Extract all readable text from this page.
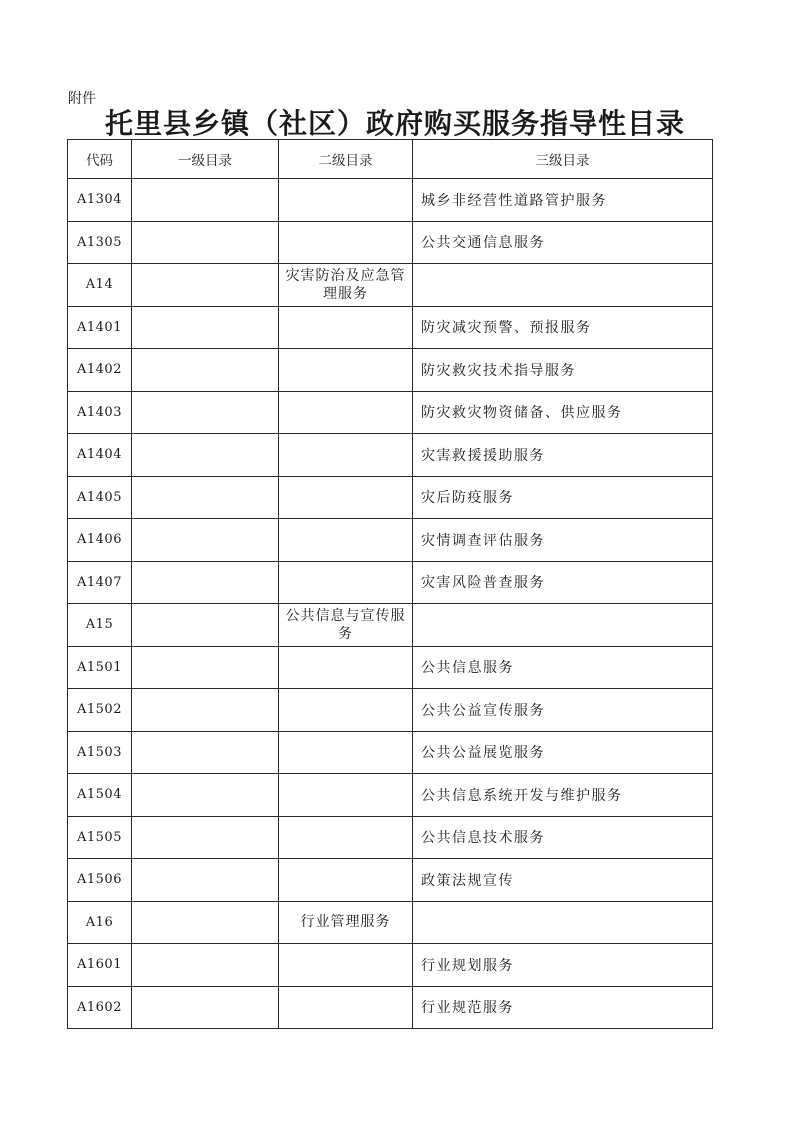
附件
托里县乡镇（社区）政府购买服务指导性目录
代码	一级目录	二级目录	三级目录
A1304			城乡非经营性道路管护服务
A1305			公共交通信息服务
A14		灾害防治及应急管理服务	
A1401			防灾减灾预警、预报服务
A1402			防灾救灾技术指导服务
A1403			防灾救灾物资储备、供应服务
A1404			灾害救援援助服务
A1405			灾后防疫服务
A1406			灾情调查评估服务
A1407			灾害风险普查服务
A15		公共信息与宣传服务	
A1501			公共信息服务
A1502			公共公益宣传服务
A1503			公共公益展览服务
A1504			公共信息系统开发与维护服务
A1505			公共信息技术服务
A1506			政策法规宣传
A16		行业管理服务	
A1601			行业规划服务
A1602			行业规范服务
